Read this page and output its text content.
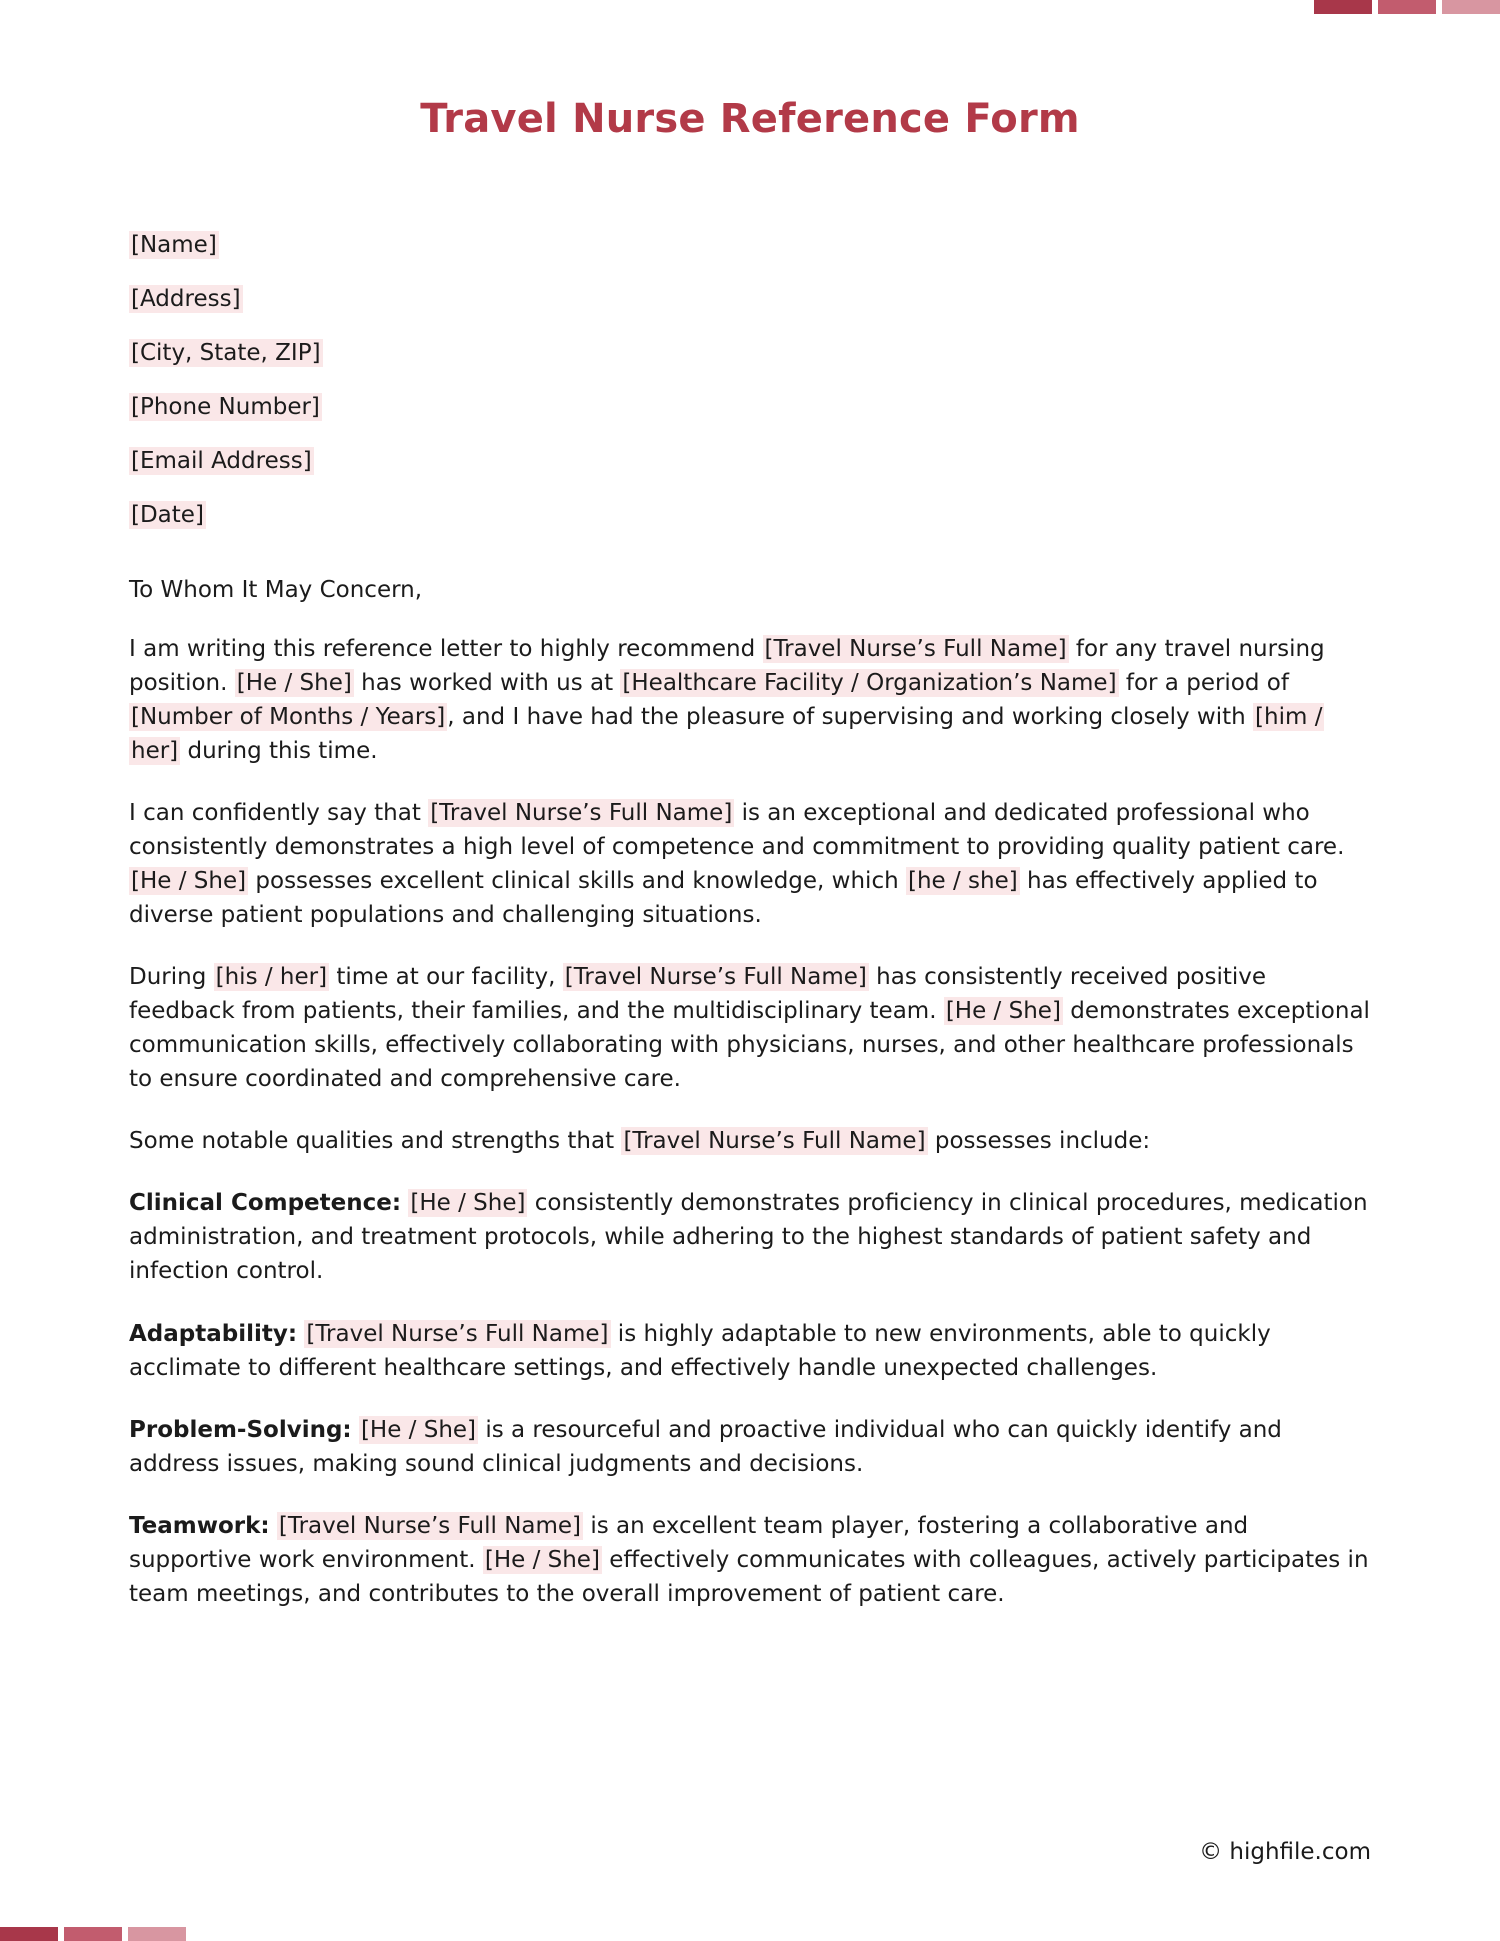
Travel Nurse Reference Form
[Name]
[Address]
[City, State, ZIP]
[Phone Number]
[Email Address]
[Date]

To Whom It May Concern,

I am writing this reference letter to highly recommend [Travel Nurse’s Full Name] for any travel nursing position. [He / She] has worked with us at [Healthcare Facility / Organization’s Name] for a period of [Number of Months / Years], and I have had the pleasure of supervising and working closely with [him / her] during this time.

I can confidently say that [Travel Nurse’s Full Name] is an exceptional and dedicated professional who consistently demonstrates a high level of competence and commitment to providing quality patient care. [He / She] possesses excellent clinical skills and knowledge, which [he / she] has effectively applied to diverse patient populations and challenging situations.

During [his / her] time at our facility, [Travel Nurse’s Full Name] has consistently received positive feedback from patients, their families, and the multidisciplinary team. [He / She] demonstrates exceptional communication skills, effectively collaborating with physicians, nurses, and other healthcare professionals to ensure coordinated and comprehensive care.

Some notable qualities and strengths that [Travel Nurse’s Full Name] possesses include:

Clinical Competence: [He / She] consistently demonstrates proficiency in clinical procedures, medication administration, and treatment protocols, while adhering to the highest standards of patient safety and infection control.

Adaptability: [Travel Nurse’s Full Name] is highly adaptable to new environments, able to quickly acclimate to different healthcare settings, and effectively handle unexpected challenges.

Problem-Solving: [He / She] is a resourceful and proactive individual who can quickly identify and address issues, making sound clinical judgments and decisions.

Teamwork: [Travel Nurse’s Full Name] is an excellent team player, fostering a collaborative and supportive work environment. [He / She] effectively communicates with colleagues, actively participates in team meetings, and contributes to the overall improvement of patient care.

© highfile.com
